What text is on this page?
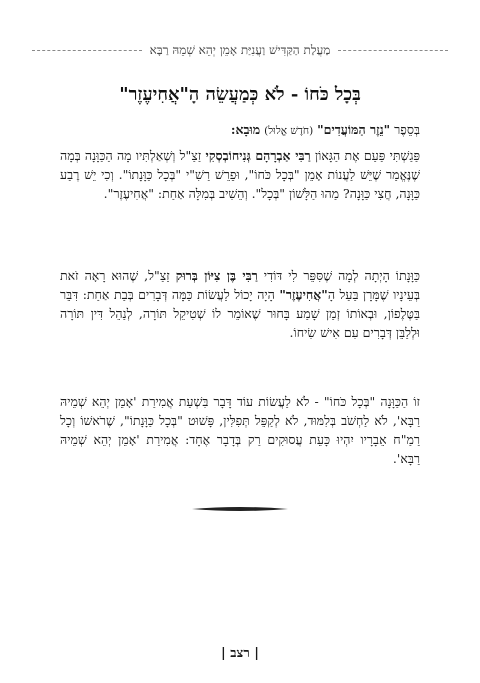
מַעֲלַת הַקַּדִּישׁ וַעֲנִיַּת אָמֵן יְהֵא שְׁמֵהּ רַבָּא
בְּכָל כֹּחוֹ - לֹא כְּמַעֲשֵׂה הָ"אֲחִיעֶזֶר"
בְּסֵפֶר "נֵזֶר הַמּוֹעֲדִים" (חֹדֶשׁ אֱלוּל) מוּבָא:
פַּגַשְׁתִּי פַּעַם אֶת הַגָּאוֹן רַבִּי אַבְרָהָם גְּנִיחוֹבְסְקִי זַצַ"ל וְשְׁאַלְתִּיו מָה הַכַּוָּנָה בְּמָה שֶׁנֶּאֱמַר שֶׁיֵּשׁ לַעֲנוֹת אָמֵן "בְּכָל כֹּחוֹ", וּפֵרֵשׁ רַשִׁ"י "בְּכָל כַּוָּנָתוֹ". וְכִי יֵשׁ רֶבַע כַּוָּנָה, חֲצִי כַּוָּנָה? מַהוּ הַלָּשׁוֹן "בְּכָל". וְהֵשִׁיב בְּמִלָּה אַחַת: "אֲחִיעֶזֶר".
כַּוָּנָתוֹ הָיְתָה לְמָה שֶׁסִּפֵּר לִי דּוֹדִי רַבִּי בֶּן צִיּוֹן בְּרוּק זַצַ"ל, שֶׁהוּא רָאָה זֹאת בְּעֵינָיו שֶׁמָּרָן בַּעַל הָ"אֲחִיעֶזֶר" הָיָה יָכוֹל לַעֲשׂוֹת כַּמָּה דְּבָרִים בְּבַת אַחַת: דִּבֵּר בַּטֶּלֶפוֹן, וּבְאוֹתוֹ זְמַן שָׁמַע בָּחוּר שֶׁאוֹמֵר לוֹ שְׁטִיקֵל תּוֹרָה, לְנַהֵל דִּין תּוֹרָה וּלְלַבֵּן דְּבָרִים עִם אִישׁ שִׂיחוֹ.
זוֹ הַכַּוָּנָה "בְּכָל כֹּחוֹ" - לֹא לַעֲשׂוֹת עוֹד דָּבָר בִּשְׁעַת אֲמִירַת 'אָמֵן יְהֵא שְׁמֵיהּ רַבָּא', לֹא לַחְשֹׁב בְּלִמּוּד, לֹא לְקַפֵּל תְּפִלִּין, פָּשׁוּט "בְּכָל כַּוָּנָתוֹ", שֶׁרֹאשׁוֹ וְכָל רַמַ"ח אֵבָרָיו יִהְיוּ כָּעֵת עֲסוּקִים רַק בְּדָבָר אֶחָד: אֲמִירַת 'אָמֵן יְהֵא שְׁמֵיהּ רַבָּא'.
| רצב |
